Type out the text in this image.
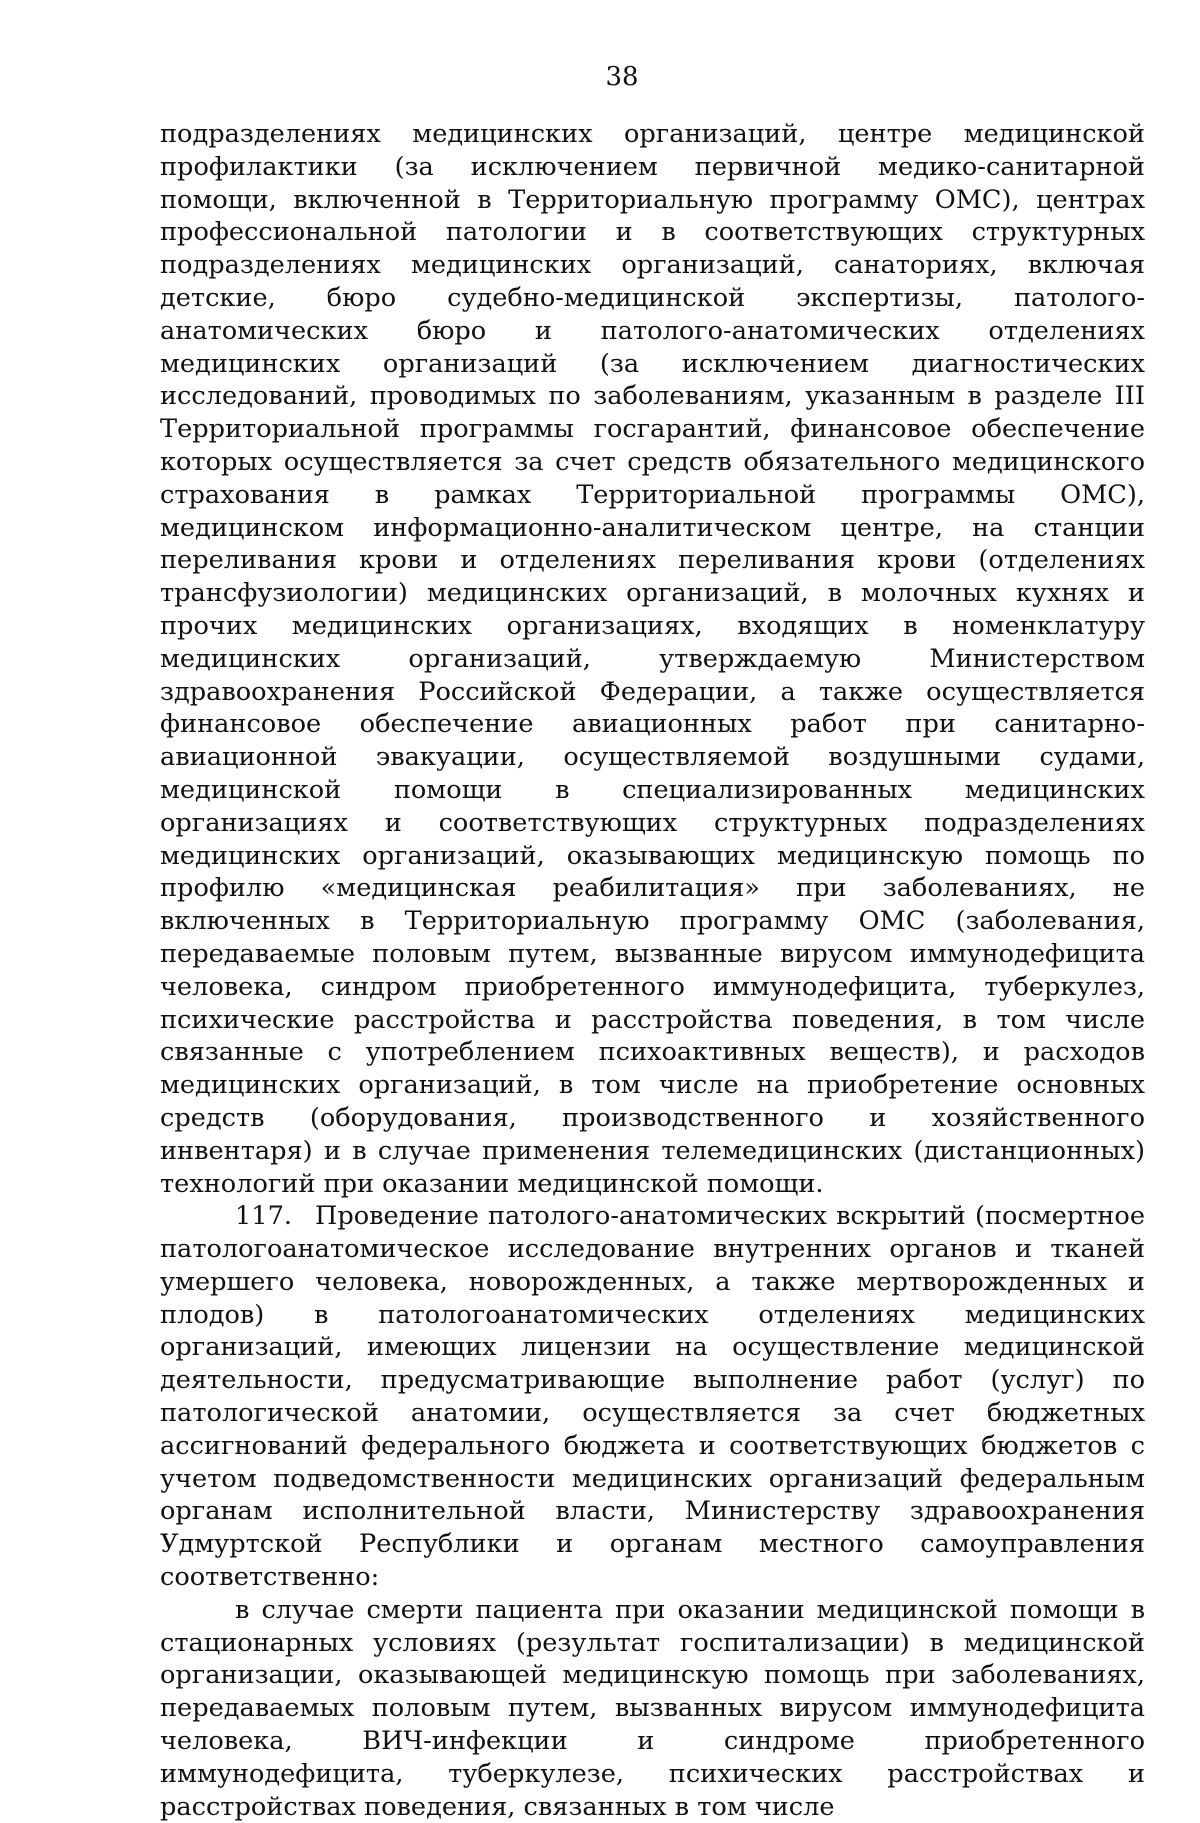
38

подразделениях медицинских организаций, центре медицинской профилактики (за исключением первичной медико-санитарной помощи, включенной в Территориальную программу ОМС), центрах профессиональной патологии и в соответствующих структурных подразделениях медицинских организаций, санаториях, включая детские, бюро судебно-медицинской экспертизы, патолого-анатомических бюро и патолого-анатомических отделениях медицинских организаций (за исключением диагностических исследований, проводимых по заболеваниям, указанным в разделе III Территориальной программы госгарантий, финансовое обеспечение которых осуществляется за счет средств обязательного медицинского страхования в рамках Территориальной программы ОМС), медицинском информационно-аналитическом центре, на станции переливания крови и отделениях переливания крови (отделениях трансфузиологии) медицинских организаций, в молочных кухнях и прочих медицинских организациях, входящих в номенклатуру медицинских организаций, утверждаемую Министерством здравоохранения Российской Федерации, а также осуществляется финансовое обеспечение авиационных работ при санитарно-авиационной эвакуации, осуществляемой воздушными судами, медицинской помощи в специализированных медицинских организациях и соответствующих структурных подразделениях медицинских организаций, оказывающих медицинскую помощь по профилю «медицинская реабилитация» при заболеваниях, не включенных в Территориальную программу ОМС (заболевания, передаваемые половым путем, вызванные вирусом иммунодефицита человека, синдром приобретенного иммунодефицита, туберкулез, психические расстройства и расстройства поведения, в том числе связанные с употреблением психоактивных веществ), и расходов медицинских организаций, в том числе на приобретение основных средств (оборудования, производственного и хозяйственного инвентаря) и в случае применения телемедицинских (дистанционных) технологий при оказании медицинской помощи.

117. Проведение патолого-анатомических вскрытий (посмертное патологоанатомическое исследование внутренних органов и тканей умершего человека, новорожденных, а также мертворожденных и плодов) в патологоанатомических отделениях медицинских организаций, имеющих лицензии на осуществление медицинской деятельности, предусматривающие выполнение работ (услуг) по патологической анатомии, осуществляется за счет бюджетных ассигнований федерального бюджета и соответствующих бюджетов с учетом подведомственности медицинских организаций федеральным органам исполнительной власти, Министерству здравоохранения Удмуртской Республики и органам местного самоуправления соответственно:

в случае смерти пациента при оказании медицинской помощи в стационарных условиях (результат госпитализации) в медицинской организации, оказывающей медицинскую помощь при заболеваниях, передаваемых половым путем, вызванных вирусом иммунодефицита человека, ВИЧ-инфекции и синдроме приобретенного иммунодефицита, туберкулезе, психических расстройствах и расстройствах поведения, связанных в том числе
